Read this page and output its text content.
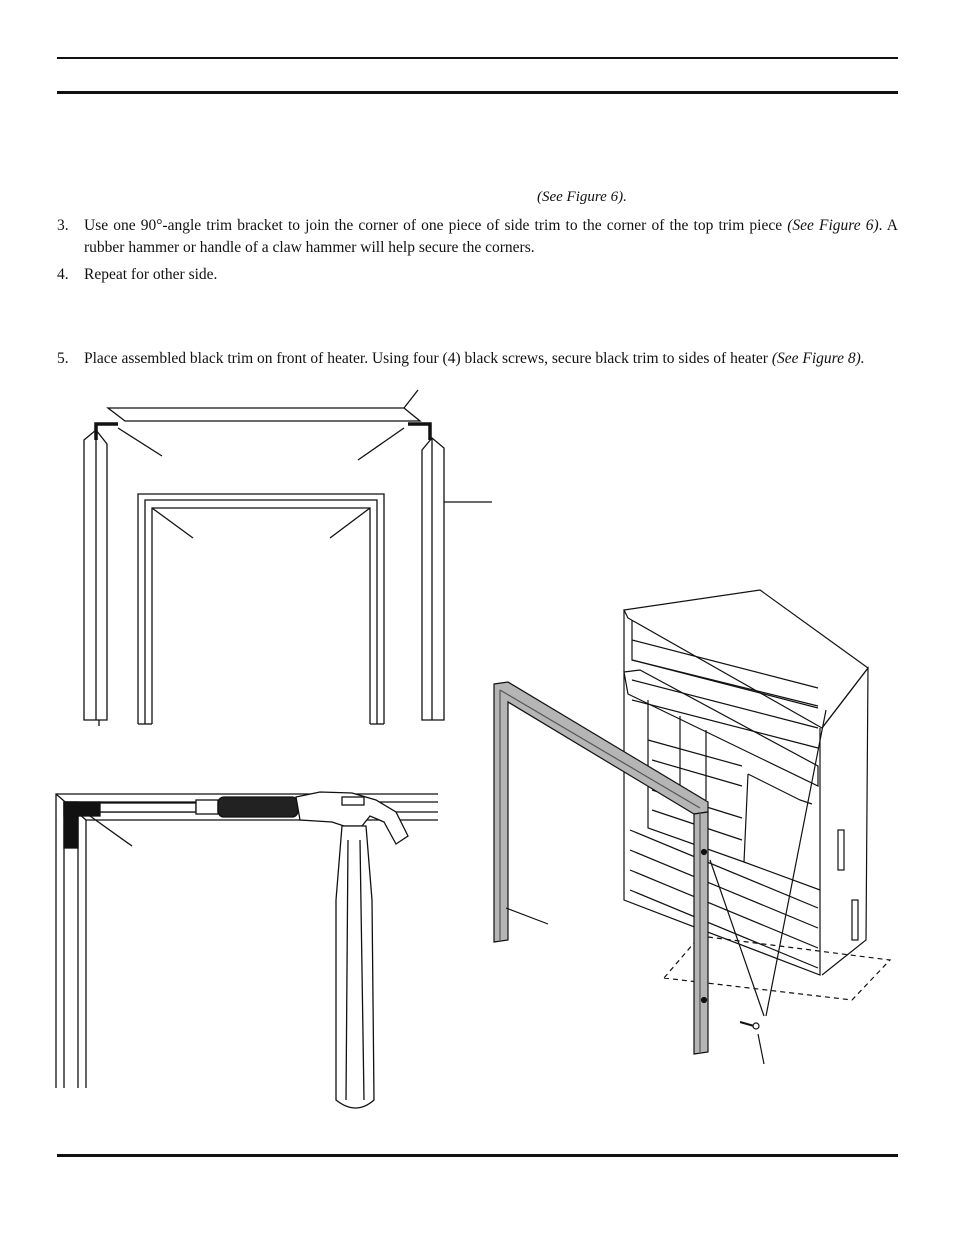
(See Figure 6).
3. Use one 90°-angle trim bracket to join the corner of one piece of side trim to the corner of the top trim piece (See Figure 6). A rubber hammer or handle of a claw hammer will help secure the corners.
4. Repeat for other side.
5. Place assembled black trim on front of heater. Using four (4) black screws, secure black trim to sides of heater (See Figure 8).
